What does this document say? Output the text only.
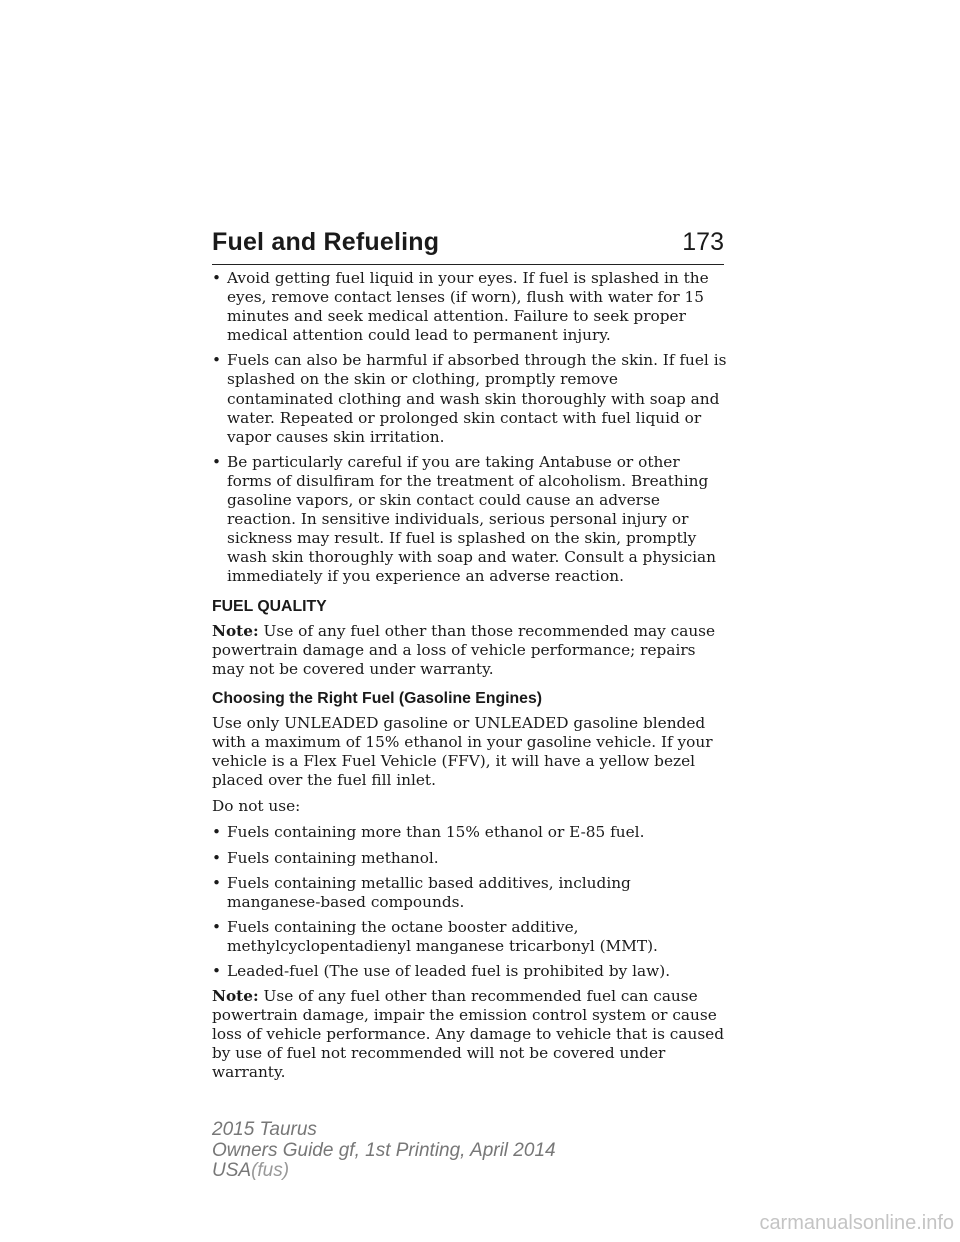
Fuel and Refueling	173
• Avoid getting fuel liquid in your eyes. If fuel is splashed in the eyes, remove contact lenses (if worn), flush with water for 15 minutes and seek medical attention. Failure to seek proper medical attention could lead to permanent injury.
• Fuels can also be harmful if absorbed through the skin. If fuel is splashed on the skin or clothing, promptly remove contaminated clothing and wash skin thoroughly with soap and water. Repeated or prolonged skin contact with fuel liquid or vapor causes skin irritation.
• Be particularly careful if you are taking Antabuse or other forms of disulfiram for the treatment of alcoholism. Breathing gasoline vapors, or skin contact could cause an adverse reaction. In sensitive individuals, serious personal injury or sickness may result. If fuel is splashed on the skin, promptly wash skin thoroughly with soap and water. Consult a physician immediately if you experience an adverse reaction.
FUEL QUALITY
Note: Use of any fuel other than those recommended may cause powertrain damage and a loss of vehicle performance; repairs may not be covered under warranty.
Choosing the Right Fuel (Gasoline Engines)
Use only UNLEADED gasoline or UNLEADED gasoline blended with a maximum of 15% ethanol in your gasoline vehicle. If your vehicle is a Flex Fuel Vehicle (FFV), it will have a yellow bezel placed over the fuel fill inlet.
Do not use:
• Fuels containing more than 15% ethanol or E-85 fuel.
• Fuels containing methanol.
• Fuels containing metallic based additives, including manganese-based compounds.
• Fuels containing the octane booster additive, methylcyclopentadienyl manganese tricarbonyl (MMT).
• Leaded-fuel (The use of leaded fuel is prohibited by law).
Note: Use of any fuel other than recommended fuel can cause powertrain damage, impair the emission control system or cause loss of vehicle performance. Any damage to vehicle that is caused by use of fuel not recommended will not be covered under warranty.
2015 Taurus
Owners Guide gf, 1st Printing, April 2014
USA(fus)
carmanualsonline.info
